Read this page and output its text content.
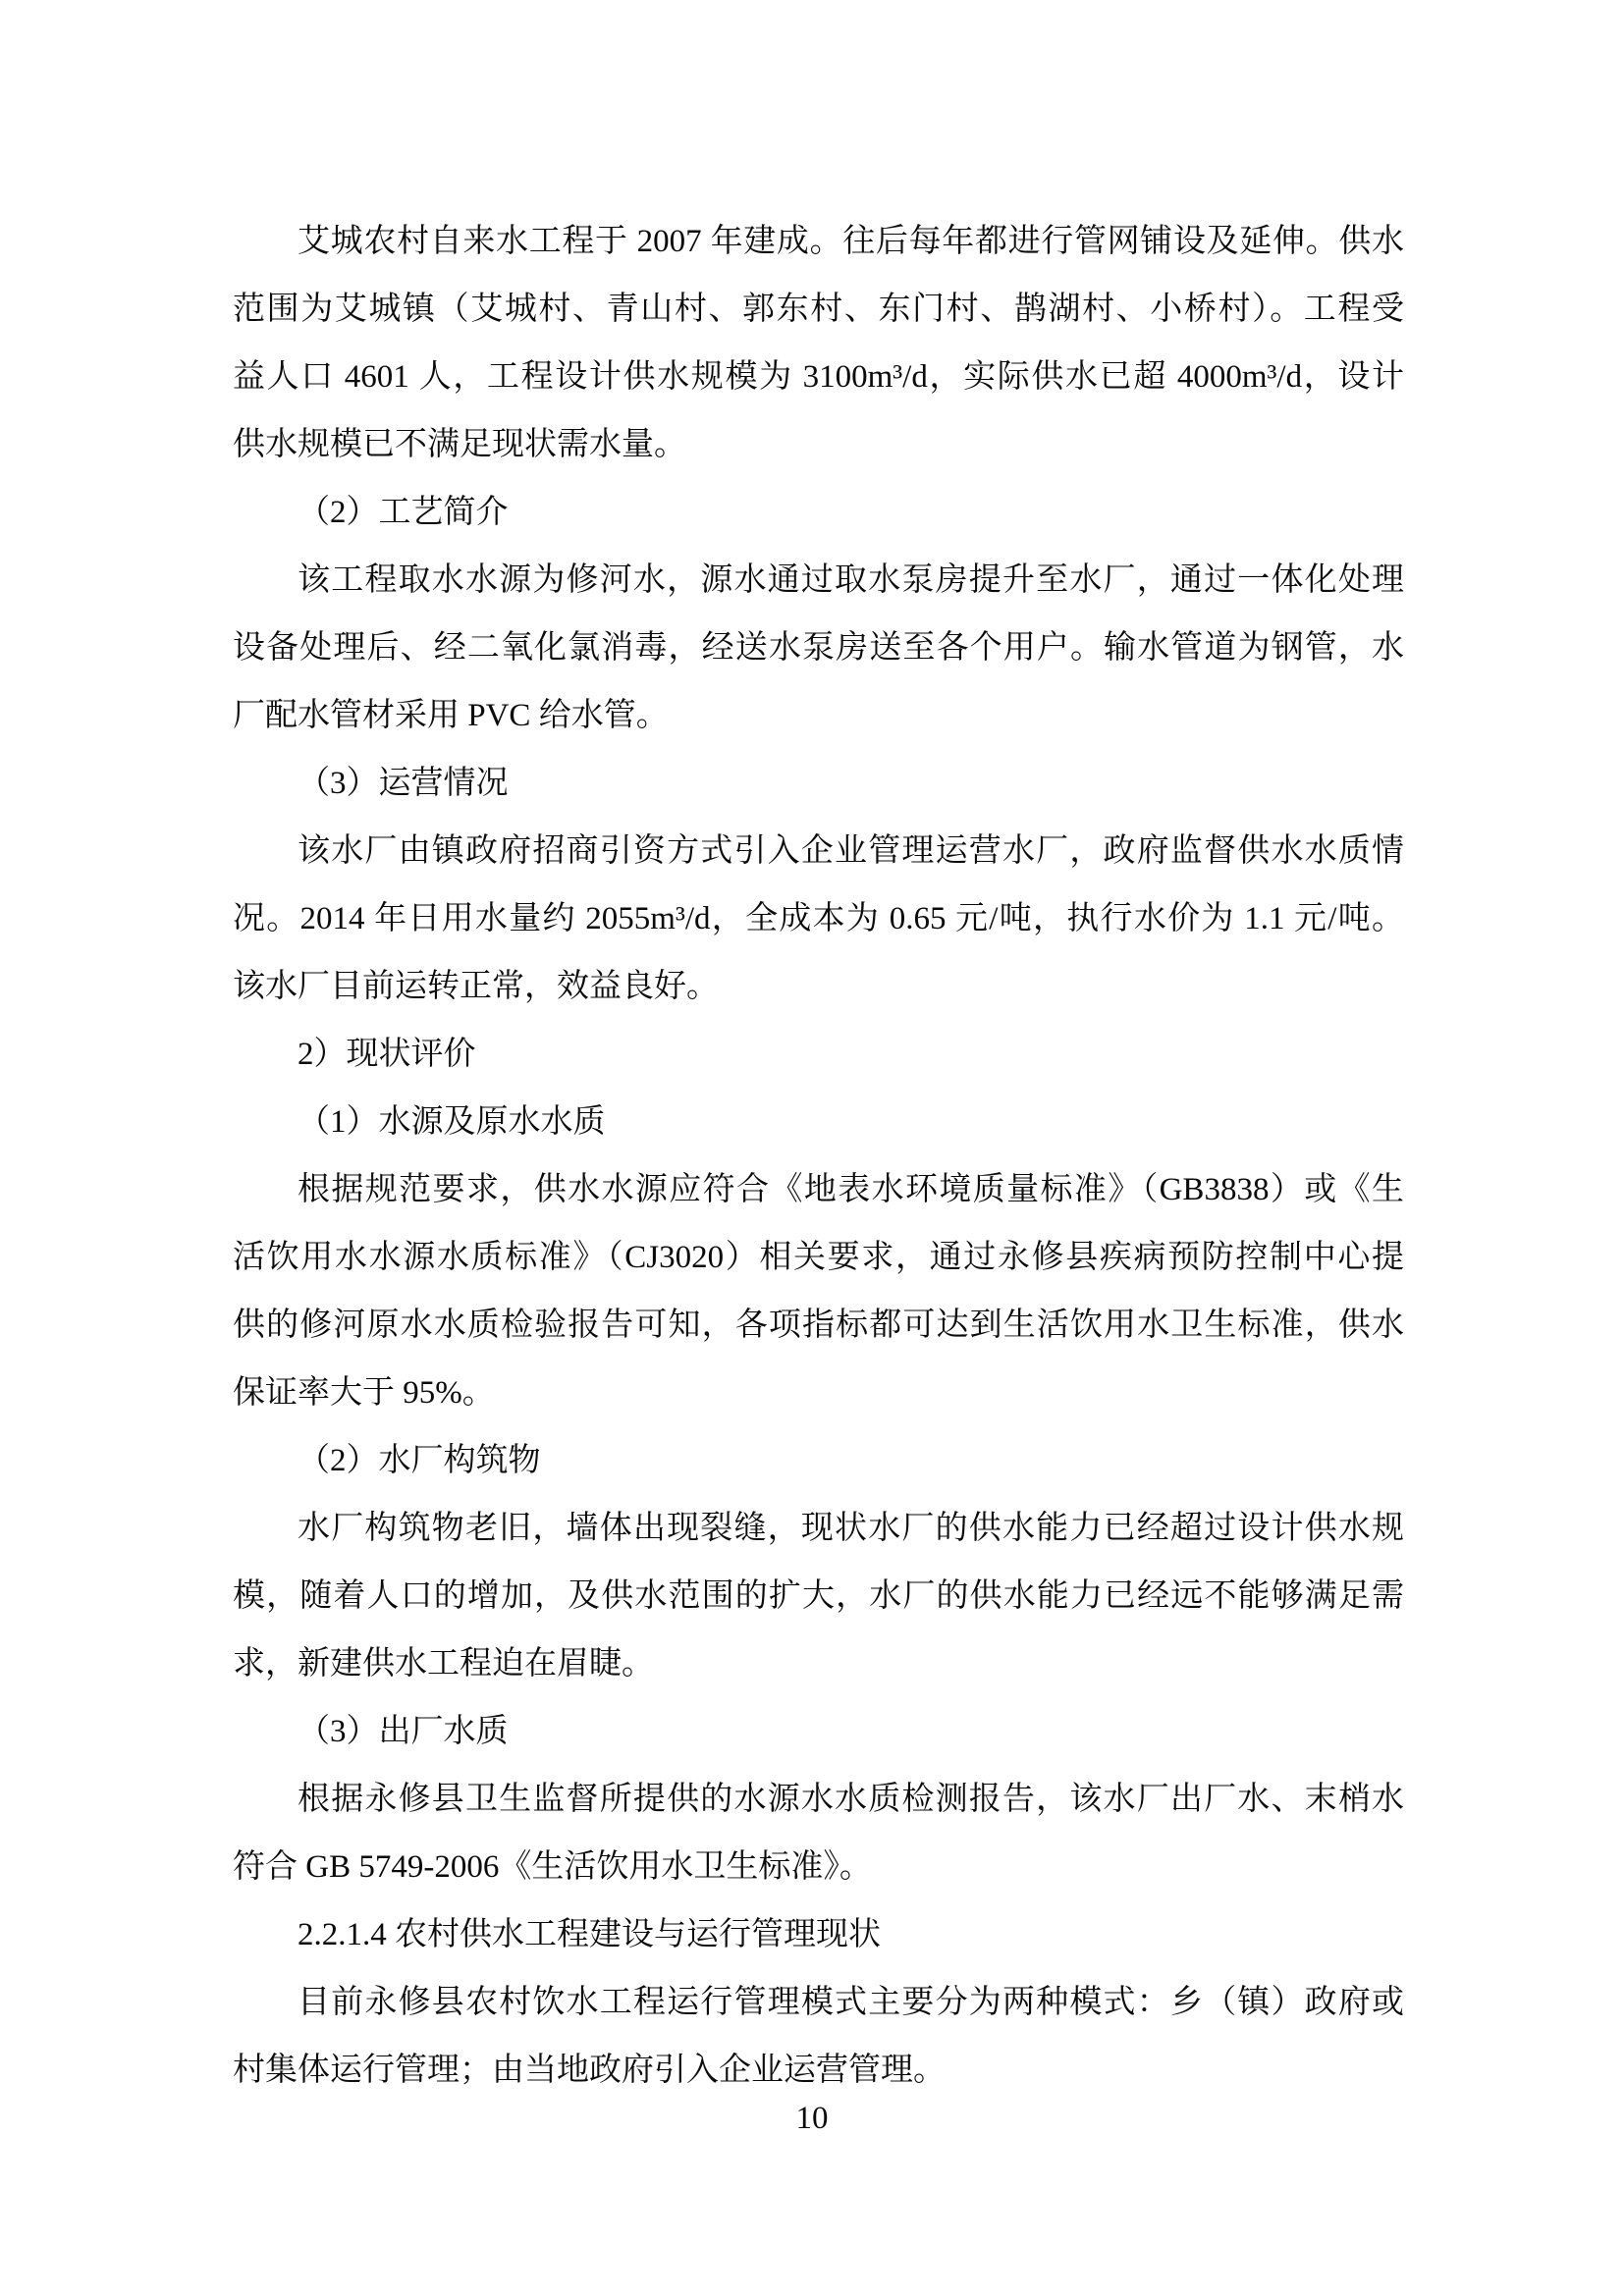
艾城农村自来水工程于 2007 年建成。往后每年都进行管网铺设及延伸。供水
范围为艾城镇（艾城村、青山村、郭东村、东门村、鹊湖村、小桥村）。工程受
益人口 4601 人，工程设计供水规模为 3100m³/d，实际供水已超 4000m³/d，设计
供水规模已不满足现状需水量。
（2）工艺简介
该工程取水水源为修河水，源水通过取水泵房提升至水厂，通过一体化处理
设备处理后、经二氧化氯消毒，经送水泵房送至各个用户。输水管道为钢管，水
厂配水管材采用 PVC 给水管。
（3）运营情况
该水厂由镇政府招商引资方式引入企业管理运营水厂，政府监督供水水质情
况。2014 年日用水量约 2055m³/d，全成本为 0.65 元/吨，执行水价为 1.1 元/吨。
该水厂目前运转正常，效益良好。
2）现状评价
（1）水源及原水水质
根据规范要求，供水水源应符合《地表水环境质量标准》（GB3838）或《生
活饮用水水源水质标准》（CJ3020）相关要求，通过永修县疾病预防控制中心提
供的修河原水水质检验报告可知，各项指标都可达到生活饮用水卫生标准，供水
保证率大于 95%。
（2）水厂构筑物
水厂构筑物老旧，墙体出现裂缝，现状水厂的供水能力已经超过设计供水规
模，随着人口的增加，及供水范围的扩大，水厂的供水能力已经远不能够满足需
求，新建供水工程迫在眉睫。
（3）出厂水质
根据永修县卫生监督所提供的水源水水质检测报告，该水厂出厂水、末梢水
符合 GB 5749-2006《生活饮用水卫生标准》。
2.2.1.4 农村供水工程建设与运行管理现状
目前永修县农村饮水工程运行管理模式主要分为两种模式：乡（镇）政府或
村集体运行管理；由当地政府引入企业运营管理。
10
